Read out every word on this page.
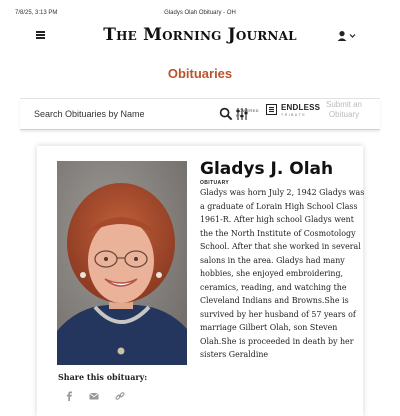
7/8/25, 3:13 PM	Gladys Olah Obituary - OH
The Morning Journal
Obituaries
Search Obituaries by Name
POWERED BY
ENDLESS
TRIBUTE
Submit an Obituary
Share this obituary:
Gladys J. Olah
OBITUARY
Gladys was horn July 2, 1942 Gladys was a graduate of Lorain High School Class 1961-R. After high school Gladys went the the North Institute of Cosmotology School. After that she worked in several salons in the area. Gladys had many hobbies, she enjoyed embroidering, ceramics, reading, and watching the Cleveland Indians and Browns.She is survived by her husband of 57 years of marriage Gilbert Olah, son Steven Olah.She is proceeded in death by her sisters Geraldine
